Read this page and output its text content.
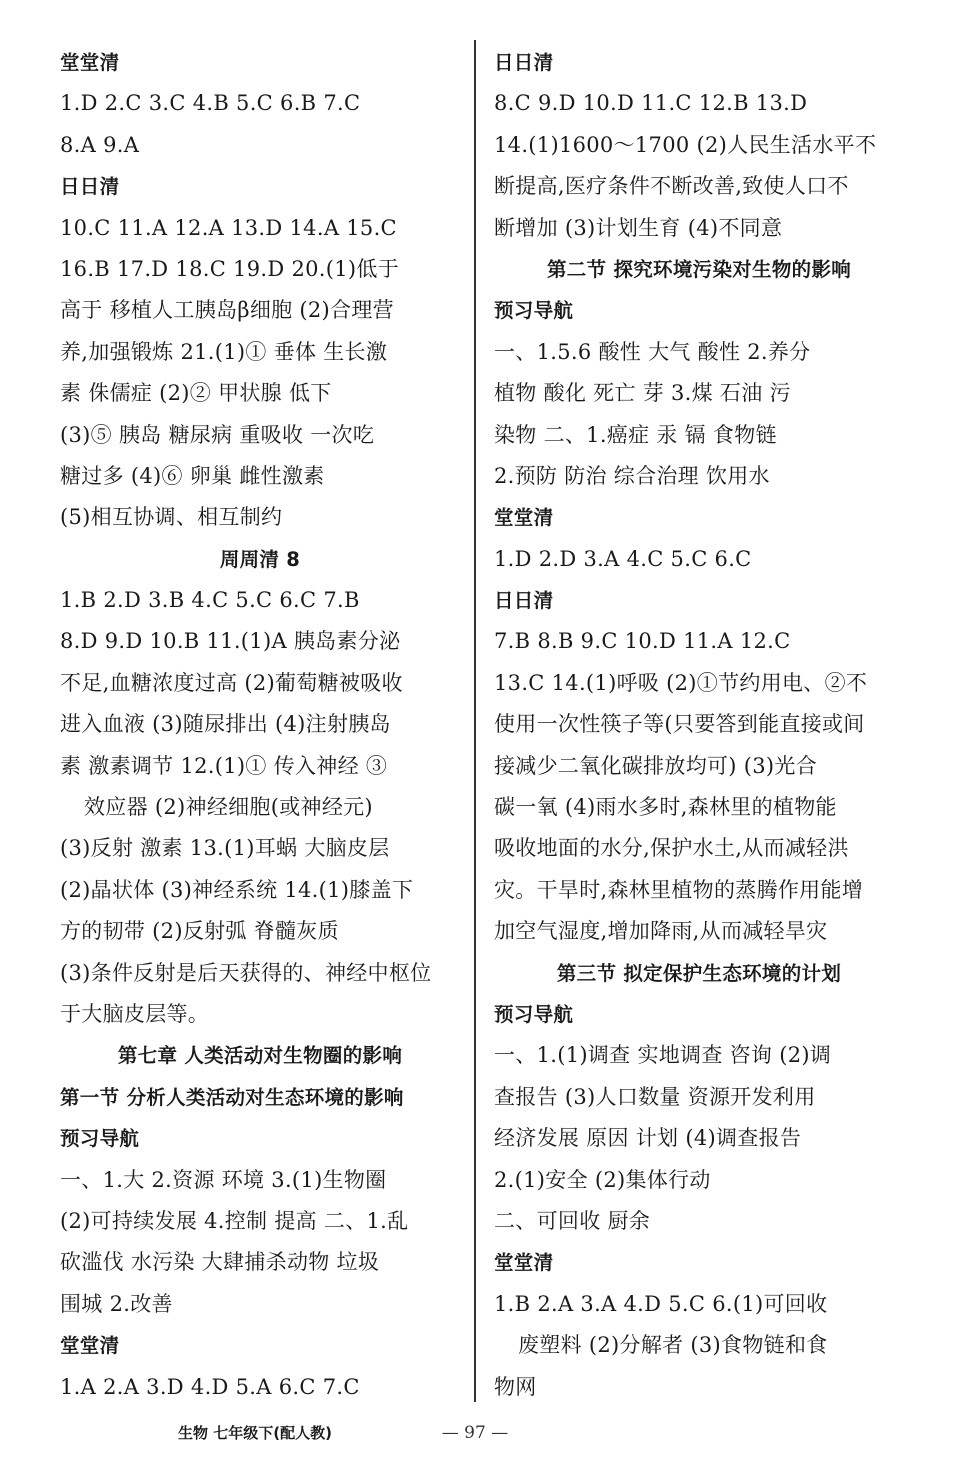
堂堂清
1.D 2.C 3.C 4.B 5.C 6.B 7.C
8.A 9.A
日日清
10.C 11.A 12.A 13.D 14.A 15.C
16.B 17.D 18.C 19.D 20.(1)低于
高于 移植人工胰岛β细胞 (2)合理营
养,加强锻炼 21.(1)① 垂体 生长激
素 侏儒症 (2)② 甲状腺 低下
(3)⑤ 胰岛 糖尿病 重吸收 一次吃
糖过多 (4)⑥ 卵巢 雌性激素
(5)相互协调、相互制约
周周清 8
1.B 2.D 3.B 4.C 5.C 6.C 7.B
8.D 9.D 10.B 11.(1)A 胰岛素分泌
不足,血糖浓度过高 (2)葡萄糖被吸收
进入血液 (3)随尿排出 (4)注射胰岛
素 激素调节 12.(1)① 传入神经 ③
效应器 (2)神经细胞(或神经元)
(3)反射 激素 13.(1)耳蜗 大脑皮层
(2)晶状体 (3)神经系统 14.(1)膝盖下
方的韧带 (2)反射弧 脊髓灰质
(3)条件反射是后天获得的、神经中枢位
于大脑皮层等。
第七章 人类活动对生物圈的影响
第一节 分析人类活动对生态环境的影响
预习导航
一、1.大 2.资源 环境 3.(1)生物圈
(2)可持续发展 4.控制 提高 二、1.乱
砍滥伐 水污染 大肆捕杀动物 垃圾
围城 2.改善
堂堂清
1.A 2.A 3.D 4.D 5.A 6.C 7.C
日日清
8.C 9.D 10.D 11.C 12.B 13.D
14.(1)1600～1700 (2)人民生活水平不
断提高,医疗条件不断改善,致使人口不
断增加 (3)计划生育 (4)不同意
第二节 探究环境污染对生物的影响
预习导航
一、1.5.6 酸性 大气 酸性 2.养分
植物 酸化 死亡 芽 3.煤 石油 污
染物 二、1.癌症 汞 镉 食物链
2.预防 防治 综合治理 饮用水
堂堂清
1.D 2.D 3.A 4.C 5.C 6.C
日日清
7.B 8.B 9.C 10.D 11.A 12.C
13.C 14.(1)呼吸 (2)①节约用电、②不
使用一次性筷子等(只要答到能直接或间
接减少二氧化碳排放均可) (3)光合
碳一氧 (4)雨水多时,森林里的植物能
吸收地面的水分,保护水土,从而减轻洪
灾。干旱时,森林里植物的蒸腾作用能增
加空气湿度,增加降雨,从而减轻旱灾
第三节 拟定保护生态环境的计划
预习导航
一、1.(1)调查 实地调查 咨询 (2)调
查报告 (3)人口数量 资源开发利用
经济发展 原因 计划 (4)调查报告
2.(1)安全 (2)集体行动
二、可回收 厨余
堂堂清
1.B 2.A 3.A 4.D 5.C 6.(1)可回收
废塑料 (2)分解者 (3)食物链和食
物网
生物 七年级下(配人教)	— 97 —
